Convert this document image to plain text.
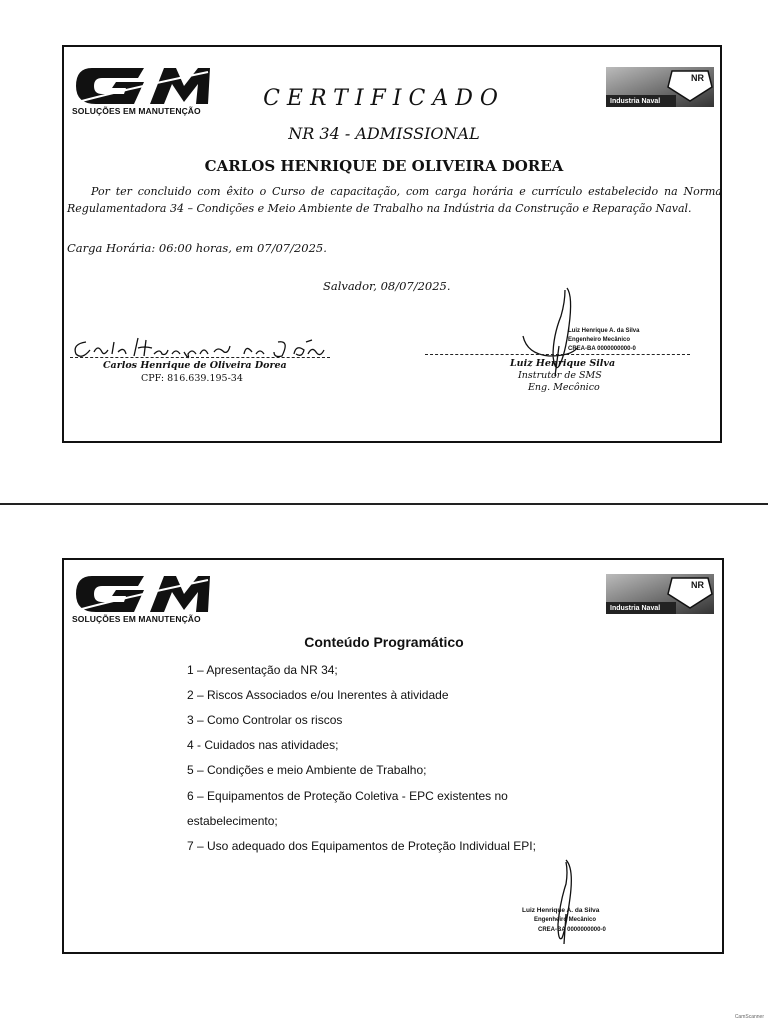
SOLUÇÕES EM MANUTENÇÃO
NR
Industria Naval
CERTIFICADO
NR 34 - ADMISSIONAL
CARLOS HENRIQUE DE OLIVEIRA DOREA
Por ter concluido com êxito o Curso de capacitação, com carga horária e currículo estabelecido na Norma Regulamentadora 34 – Condições e Meio Ambiente de Trabalho na Indústria da Construção e Reparação Naval.
Carga Horária: 06:00 horas, em 07/07/2025.
Salvador, 08/07/2025.
Carlos Henrique de Oliveira Dorea
CPF: 816.639.195-34
Luiz Henrique A. da Silva
Engenheiro Mecânico
CREA-BA 0000000000-0
Luiz Henrique Silva
Instrutor de SMS
Eng. Mecônico
SOLUÇÕES EM MANUTENÇÃO
NR
Industria Naval
Conteúdo Programático
1 – Apresentação da NR 34;
2 – Riscos Associados e/ou Inerentes à atividade
3 – Como Controlar os riscos
4 - Cuidados nas atividades;
5 – Condições e meio Ambiente de Trabalho;
6 – Equipamentos de Proteção Coletiva - EPC existentes no
estabelecimento;
7 – Uso adequado dos Equipamentos de Proteção Individual EPI;
Luiz Henrique A. da Silva
Engenheiro Mecânico
CREA-BA 0000000000-0
CamScanner
